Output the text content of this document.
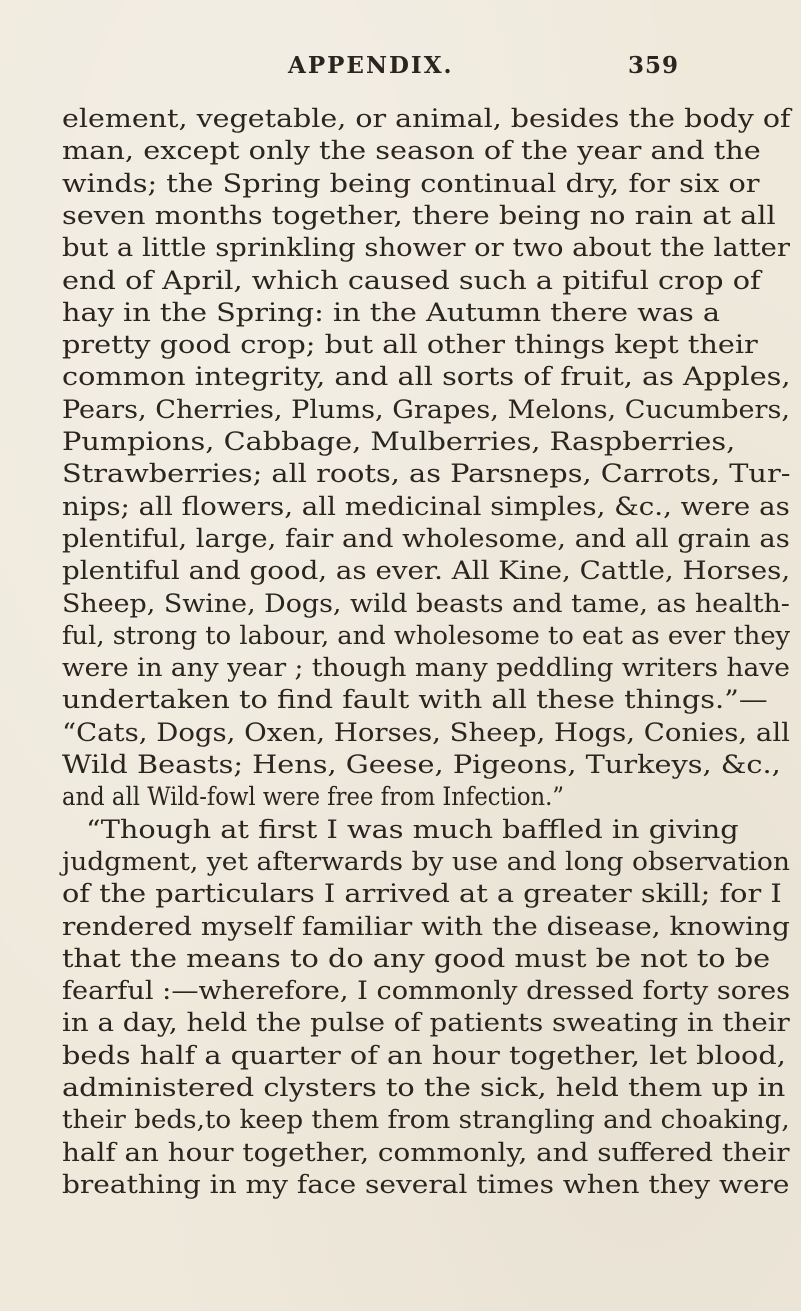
APPENDIX.	359
element, vegetable, or animal, besides the body of
man, except only the season of the year and the
winds; the Spring being continual dry, for six or
seven months together, there being no rain at all
but a little sprinkling shower or two about the latter
end of April, which caused such a pitiful crop of
hay in the Spring: in the Autumn there was a
pretty good crop; but all other things kept their
common integrity, and all sorts of fruit, as Apples,
Pears, Cherries, Plums, Grapes, Melons, Cucumbers,
Pumpions, Cabbage, Mulberries, Raspberries,
Strawberries; all roots, as Parsneps, Carrots, Tur-
nips; all flowers, all medicinal simples, &c., were as
plentiful, large, fair and wholesome, and all grain as
plentiful and good, as ever. All Kine, Cattle, Horses,
Sheep, Swine, Dogs, wild beasts and tame, as health-
ful, strong to labour, and wholesome to eat as ever they
were in any year ; though many peddling writers have
undertaken to find fault with all these things.”—
“Cats, Dogs, Oxen, Horses, Sheep, Hogs, Conies, all
Wild Beasts; Hens, Geese, Pigeons, Turkeys, &c.,
and all Wild-fowl were free from Infection.”
“Though at first I was much baffled in giving
judgment, yet afterwards by use and long observation
of the particulars I arrived at a greater skill; for I
rendered myself familiar with the disease, knowing
that the means to do any good must be not to be
fearful :—wherefore, I commonly dressed forty sores
in a day, held the pulse of patients sweating in their
beds half a quarter of an hour together, let blood,
administered clysters to the sick, held them up in
their beds,to keep them from strangling and choaking,
half an hour together, commonly, and suffered their
breathing in my face several times when they were
